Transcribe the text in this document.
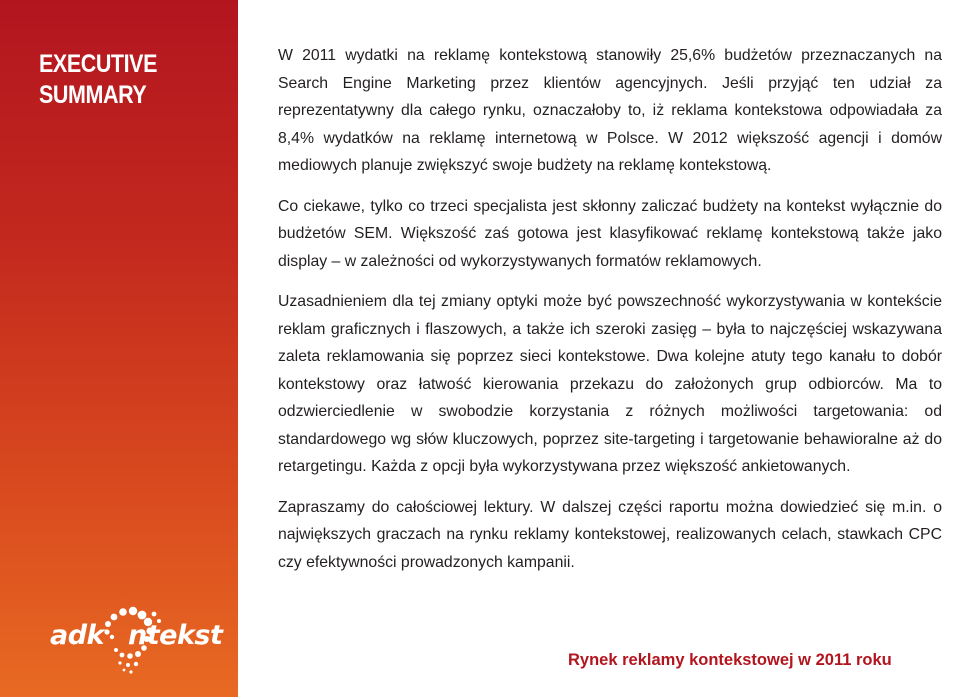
EXECUTIVE
SUMMARY
adk ntekst

W 2011 wydatki na reklamę kontekstową stanowiły 25,6% budżetów przeznaczanych na Search Engine Marketing przez klientów agencyjnych. Jeśli przyjąć ten udział za reprezentatywny dla całego rynku, oznaczałoby to, iż reklama kontekstowa odpowiadała za 8,4% wydatków na reklamę internetową w Polsce. W 2012 większość agencji i domów mediowych planuje zwiększyć swoje budżety na reklamę kontekstową.

Co ciekawe, tylko co trzeci specjalista jest skłonny zaliczać budżety na kontekst wyłącznie do budżetów SEM. Większość zaś gotowa jest klasyfikować reklamę kontekstową także jako display – w zależności od wykorzystywanych formatów reklamowych.

Uzasadnieniem dla tej zmiany optyki może być powszechność wykorzystywania w kontekście reklam graficznych i flaszowych, a także ich szeroki zasięg – była to najczęściej wskazywana zaleta reklamowania się poprzez sieci kontekstowe. Dwa kolejne atuty tego kanału to dobór kontekstowy oraz łatwość kierowania przekazu do założonych grup odbiorców. Ma to odzwierciedlenie w swobodzie korzystania z różnych możliwości targetowania: od standardowego wg słów kluczowych, poprzez site-targeting i targetowanie behawioralne aż do retargetingu. Każda z opcji była wykorzystywana przez większość ankietowanych.

Zapraszamy do całościowej lektury. W dalszej części raportu można dowiedzieć się m.in. o największych graczach na rynku reklamy kontekstowej, realizowanych celach, stawkach CPC czy efektywności prowadzonych kampanii.

Rynek reklamy kontekstowej w 2011 roku
